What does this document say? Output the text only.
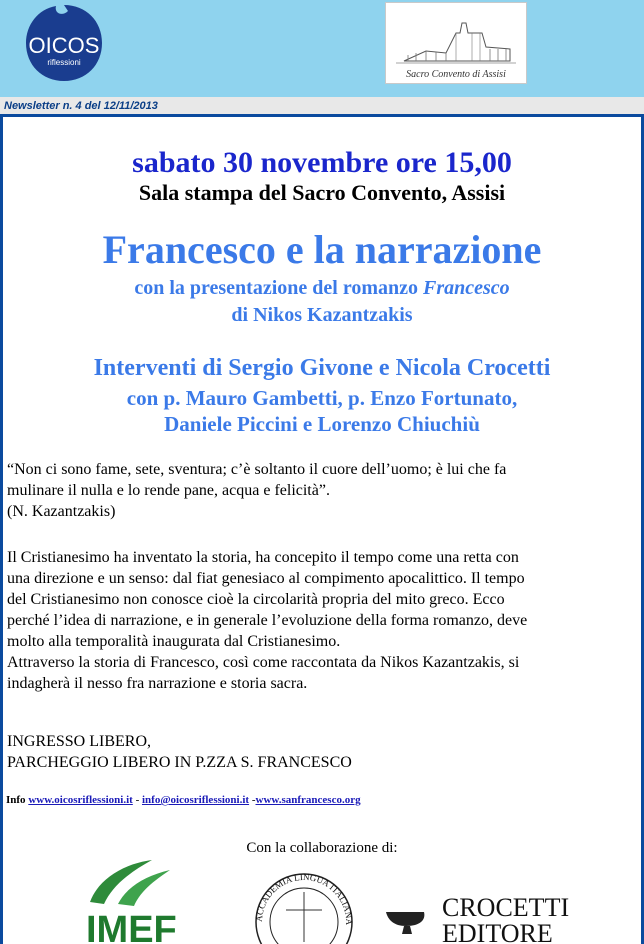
OICOS
riflessioni
Sacro Convento di Assisi
Newsletter n. 4 del 12/11/2013
sabato 30 novembre ore 15,00
Sala stampa del Sacro Convento, Assisi
Francesco e la narrazione
con la presentazione del romanzo Francesco
di Nikos Kazantzakis
Interventi di Sergio Givone e Nicola Crocetti
con p. Mauro Gambetti, p. Enzo Fortunato,
Daniele Piccini e Lorenzo Chiuchiù
“Non ci sono fame, sete, sventura; c’è soltanto il cuore dell’uomo; è lui che fa
mulinare il nulla e lo rende pane, acqua e felicità”.
(N. Kazantzakis)
Il Cristianesimo ha inventato la storia, ha concepito il tempo come una retta con
una direzione e un senso: dal fiat genesiaco al compimento apocalittico. Il tempo
del Cristianesimo non conosce cioè la circolarità propria del mito greco. Ecco
perché l’idea di narrazione, e in generale l’evoluzione della forma romanzo, deve
molto alla temporalità inaugurata dal Cristianesimo.
Attraverso la storia di Francesco, così come raccontata da Nikos Kazantzakis, si
indagherà il nesso fra narrazione e storia sacra.
INGRESSO LIBERO,
PARCHEGGIO LIBERO IN P.ZZA S. FRANCESCO
Info www.oicosriflessioni.it - info@oicosriflessioni.it -www.sanfrancesco.org
Con la collaborazione di:
IMEF	ACCADEMIA LINGUA ITALIANA	CROCETTI
EDITORE
